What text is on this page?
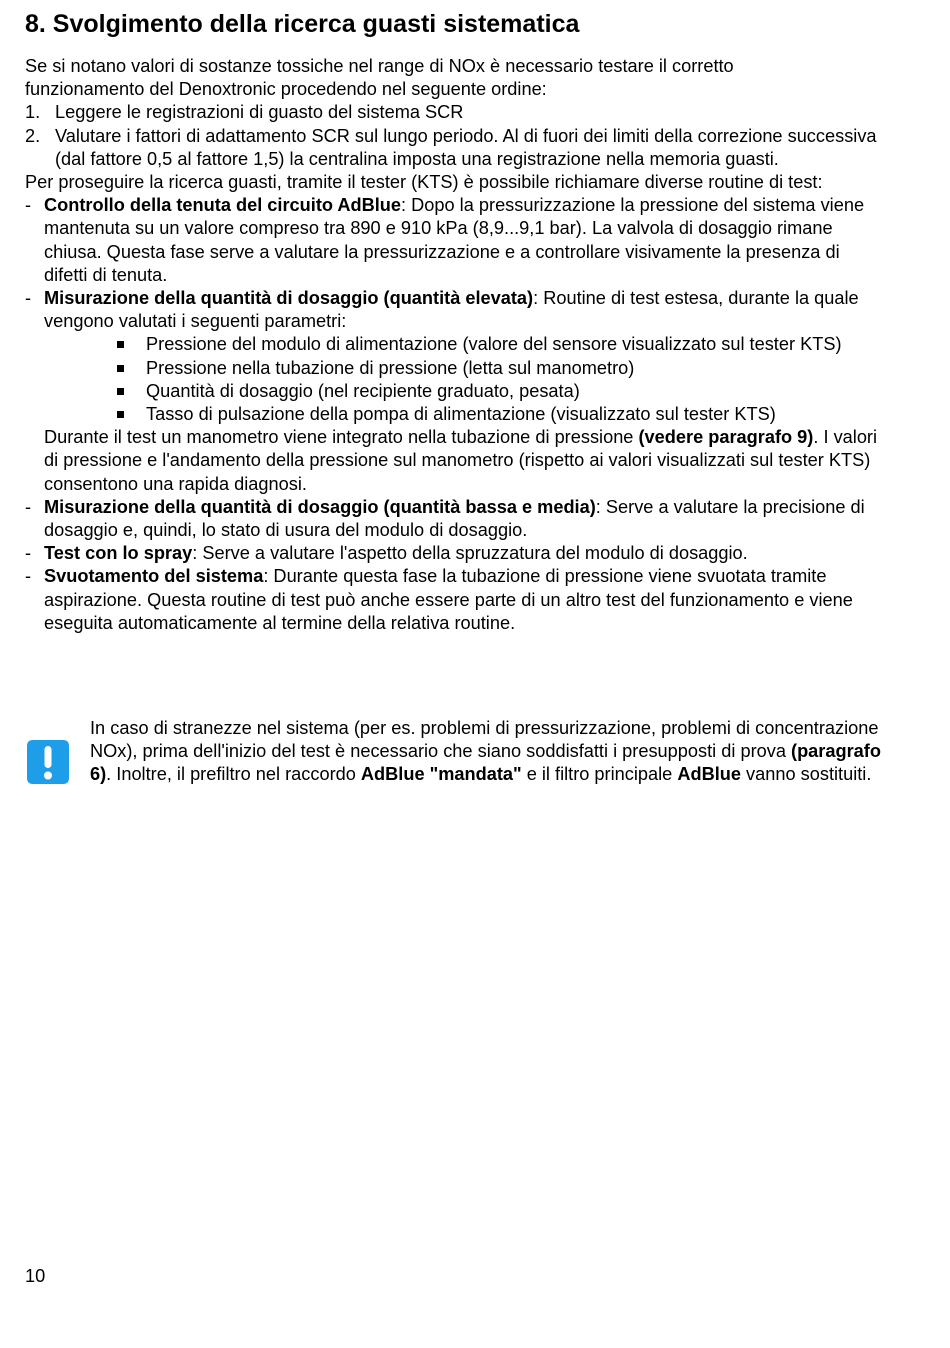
8. Svolgimento della ricerca guasti sistematica
Se si notano valori di sostanze tossiche nel range di NOx è necessario testare il corretto
funzionamento del Denoxtronic procedendo nel seguente ordine:
1. Leggere le registrazioni di guasto del sistema SCR
2. Valutare i fattori di adattamento SCR sul lungo periodo. Al di fuori dei limiti della correzione successiva (dal fattore 0,5 al fattore 1,5) la centralina imposta una registrazione nella memoria guasti.
Per proseguire la ricerca guasti, tramite il tester (KTS) è possibile richiamare diverse routine di test:
- Controllo della tenuta del circuito AdBlue: Dopo la pressurizzazione la pressione del sistema viene mantenuta su un valore compreso tra 890 e 910 kPa (8,9...9,1 bar). La valvola di dosaggio rimane chiusa. Questa fase serve a valutare la pressurizzazione e a controllare visivamente la presenza di difetti di tenuta.
- Misurazione della quantità di dosaggio (quantità elevata): Routine di test estesa, durante la quale vengono valutati i seguenti parametri:
Pressione del modulo di alimentazione (valore del sensore visualizzato sul tester KTS)
Pressione nella tubazione di pressione (letta sul manometro)
Quantità di dosaggio (nel recipiente graduato, pesata)
Tasso di pulsazione della pompa di alimentazione (visualizzato sul tester KTS)
Durante il test un manometro viene integrato nella tubazione di pressione (vedere paragrafo 9). I valori di pressione e l'andamento della pressione sul manometro (rispetto ai valori visualizzati sul tester KTS) consentono una rapida diagnosi.
- Misurazione della quantità di dosaggio (quantità bassa e media): Serve a valutare la precisione di dosaggio e, quindi, lo stato di usura del modulo di dosaggio.
- Test con lo spray: Serve a valutare l'aspetto della spruzzatura del modulo di dosaggio.
- Svuotamento del sistema: Durante questa fase la tubazione di pressione viene svuotata tramite aspirazione. Questa routine di test può anche essere parte di un altro test del funzionamento e viene eseguita automaticamente al termine della relativa routine.
In caso di stranezze nel sistema (per es. problemi di pressurizzazione, problemi di concentrazione NOx), prima dell'inizio del test è necessario che siano soddisfatti i presupposti di prova (paragrafo 6). Inoltre, il prefiltro nel raccordo AdBlue "mandata" e il filtro principale AdBlue vanno sostituiti.
10
